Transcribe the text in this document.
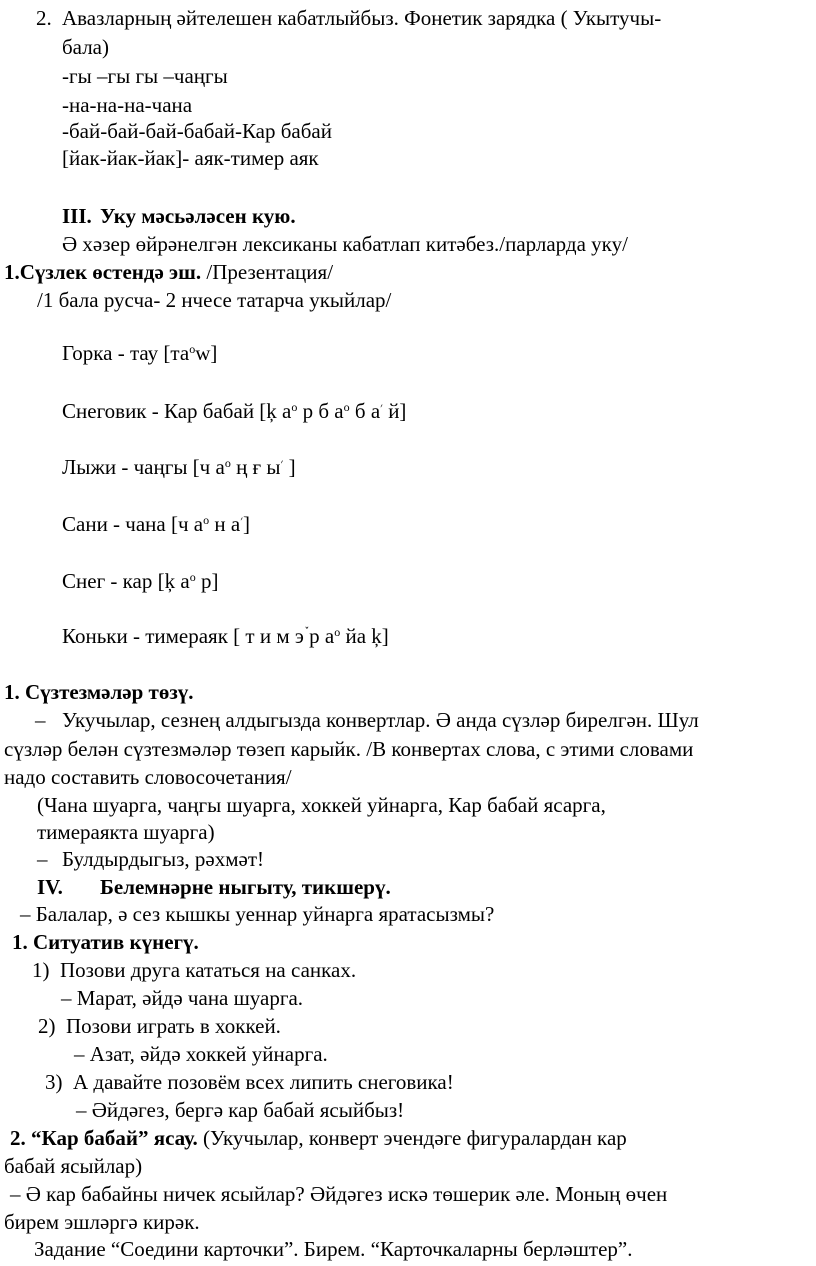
2. Авазларның әйтелешен кабатлыйбыз. Фонетик зарядка ( Укытучы-
бала)
-гы –гы гы –чаңгы
-на-на-на-чана
-бай-бай-бай-бабай-Кар бабай
[йак-йак-йак]- аяк-тимер аяк
III. Уку мәсьәләсен кую.
Ә хәзер өйрәнелгән лексиканы кабатлап китәбез./парларда уку/
1.Сүзлек өстендә эш. /Презентация/
/1 бала русча- 2 нчесе татарча укыйлар/
Горка - тау $[та^оw]$
Снеговик - Кар бабай [ķ $а^о$ р б $а^о$ б а׳ й]
Лыжи - чаңгы [ч $а^о$ ң ғ ы׳ ]
Сани - чана [ч $а^о$ н а׳]
Снег - кар [ķ $а^о$ р]
Коньки - тимераяк [ т и м э р $а^о$ йа ķ]
1. Сүзтезмәләр төзү.
– Укучылар, сезнең алдыгызда конвертлар. Ә анда сүзләр бирелгән. Шул
сүзләр белән сүзтезмәләр төзеп карыйк. /В конвертах слова, с этими словами
надо составить словосочетания/
(Чана шуарга, чаңгы шуарга, хоккей уйнарга, Кар бабай ясарга,
тимераякта шуарга)
– Булдырдыгыз, рәхмәт!
IV. Белемнәрне ныгыту, тикшерү.
– Балалар, ә сез кышкы уеннар уйнарга яратасызмы?
1. Ситуатив күнегү.
1) Позови друга кататься на санках.
– Марат, әйдә чана шуарга.
2) Позови играть в хоккей.
– Азат, әйдә хоккей уйнарга.
3) А давайте позовём всех липить снеговика!
– Әйдәгез, бергә кар бабай ясыйбыз!
2. “Кар бабай” ясау. (Укучылар, конверт эчендәге фигуралардан кар
бабай ясыйлар)
– Ә кар бабайны ничек ясыйлар? Әйдәгез искә төшерик әле. Моның өчен
бирем эшләргә кирәк.
Задание “Соедини карточки”. Бирем. “Карточкаларны берләштер”.
